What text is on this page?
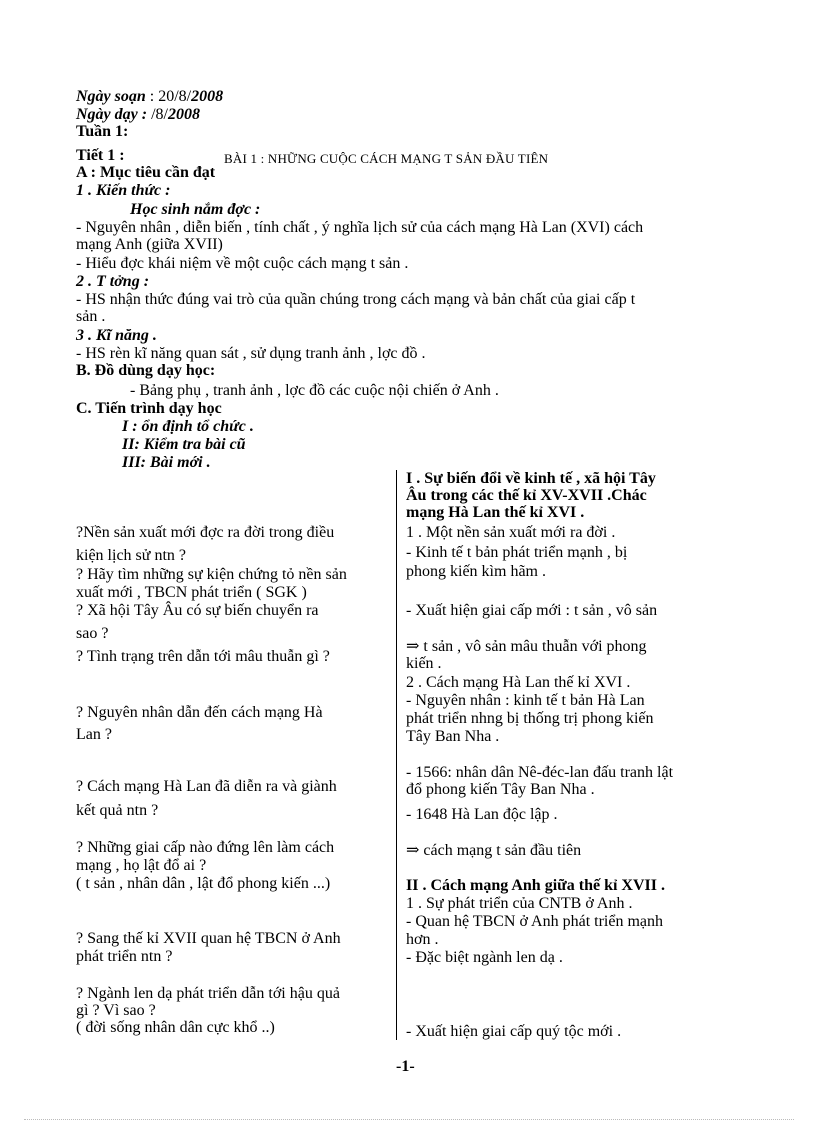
Ngày soạn : 20/8/2008
Ngày dạy : /8/2008
Tuần 1:
Tiết 1 :	BÀI 1 : NHỮNG CUỘC CÁCH MẠNG T SẢN ĐẦU TIÊN
A : Mục tiêu cần đạt
1 . Kiến thức :
Học sinh nắm đợc :
- Nguyên nhân , diễn biến , tính chất , ý nghĩa lịch sử của cách mạng Hà Lan (XVI) cách
mạng Anh (giữa XVII)
- Hiểu đợc khái niệm về một cuộc cách mạng t sản .
2 . T tởng :
- HS nhận thức đúng vai trò của quần chúng trong cách mạng và bản chất của giai cấp t
sản .
3 . Kĩ năng .
- HS rèn kĩ năng quan sát , sử dụng tranh ảnh , lợc đồ .
B. Đồ dùng dạy học:
- Bảng phụ , tranh ảnh , lợc đồ các cuộc nội chiến ở Anh .
C. Tiến trình dạy học
I : ổn định tổ chức .
II: Kiểm tra bài cũ
III: Bài mới .
I . Sự biến đổi về kinh tế , xã hội Tây
Âu trong các thế kỉ XV-XVII .Chác
mạng Hà Lan thế kỉ XVI .
1 . Một nền sản xuất mới ra đời .
- Kinh tế t bản phát triển mạnh , bị
phong kiến kìm hãm .
- Xuất hiện giai cấp mới : t sản , vô sản
⇒ t sản , vô sản mâu thuẫn với phong
kiến .
2 . Cách mạng Hà Lan thế kỉ XVI .
- Nguyên nhân : kinh tế t bản Hà Lan
phát triển nhng bị thống trị phong kiến
Tây Ban Nha .
- 1566: nhân dân Nê-đéc-lan đấu tranh lật
đổ phong kiến Tây Ban Nha .
- 1648 Hà Lan độc lập .
⇒ cách mạng t sản đầu tiên
II . Cách mạng Anh giữa thế kỉ XVII .
1 . Sự phát triển của CNTB ở Anh .
- Quan hệ TBCN ở Anh phát triển mạnh
hơn .
- Đặc biệt ngành len dạ .
- Xuất hiện giai cấp quý tộc mới .
?Nền sản xuất mới đợc ra đời trong điều
kiện lịch sử ntn ?
? Hãy tìm những sự kiện chứng tỏ nền sản
xuất mới , TBCN phát triển ( SGK )
? Xã hội Tây Âu có sự biến chuyển ra
sao ?
? Tình trạng trên dẫn tới mâu thuẫn gì ?
? Nguyên nhân dẫn đến cách mạng Hà
Lan ?
? Cách mạng Hà Lan đã diễn ra và giành
kết quả ntn ?
? Những giai cấp nào đứng lên làm cách
mạng , họ lật đổ ai ?
( t sản , nhân dân , lật đổ phong kiến ...)
? Sang thế kỉ XVII quan hệ TBCN ở Anh
phát triển ntn ?
? Ngành len dạ phát triển dẫn tới hậu quả
gì ? Vì sao ?
( đời sống nhân dân cực khổ ..)
-1-
